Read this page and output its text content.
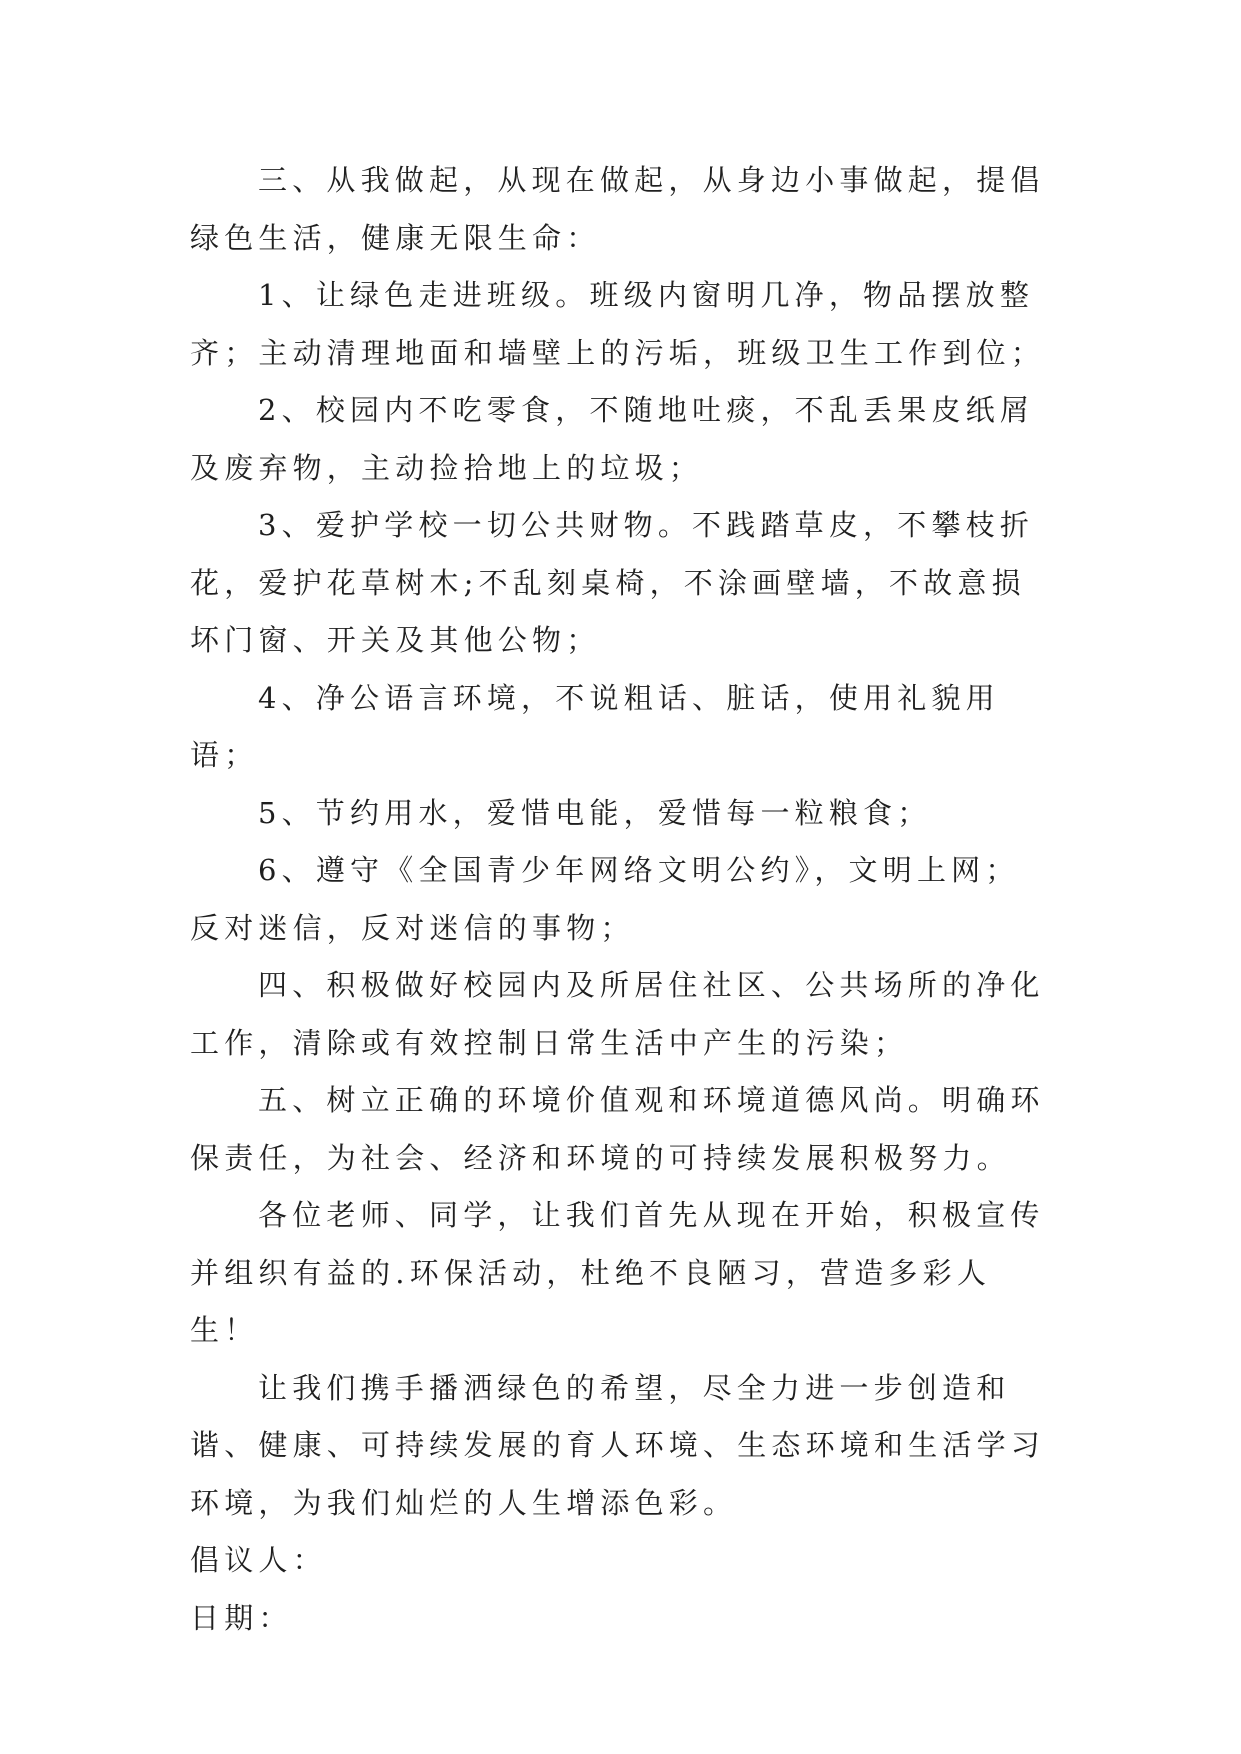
三、从我做起，从现在做起，从身边小事做起，提倡绿色生活，健康无限生命：

1、让绿色走进班级。班级内窗明几净，物品摆放整齐；主动清理地面和墙壁上的污垢，班级卫生工作到位；

2、校园内不吃零食，不随地吐痰，不乱丢果皮纸屑及废弃物，主动捡拾地上的垃圾；

3、爱护学校一切公共财物。不践踏草皮，不攀枝折花，爱护花草树木;不乱刻桌椅，不涂画壁墙，不故意损坏门窗、开关及其他公物；

4、净公语言环境，不说粗话、脏话，使用礼貌用语；

5、节约用水，爱惜电能，爱惜每一粒粮食；

6、遵守《全国青少年网络文明公约》，文明上网；反对迷信，反对迷信的事物；

四、积极做好校园内及所居住社区、公共场所的净化工作，清除或有效控制日常生活中产生的污染；

五、树立正确的环境价值观和环境道德风尚。明确环保责任，为社会、经济和环境的可持续发展积极努力。

各位老师、同学，让我们首先从现在开始，积极宣传并组织有益的.环保活动，杜绝不良陋习，营造多彩人生！

让我们携手播洒绿色的希望，尽全力进一步创造和谐、健康、可持续发展的育人环境、生态环境和生活学习环境，为我们灿烂的人生增添色彩。

倡议人：

日期：
